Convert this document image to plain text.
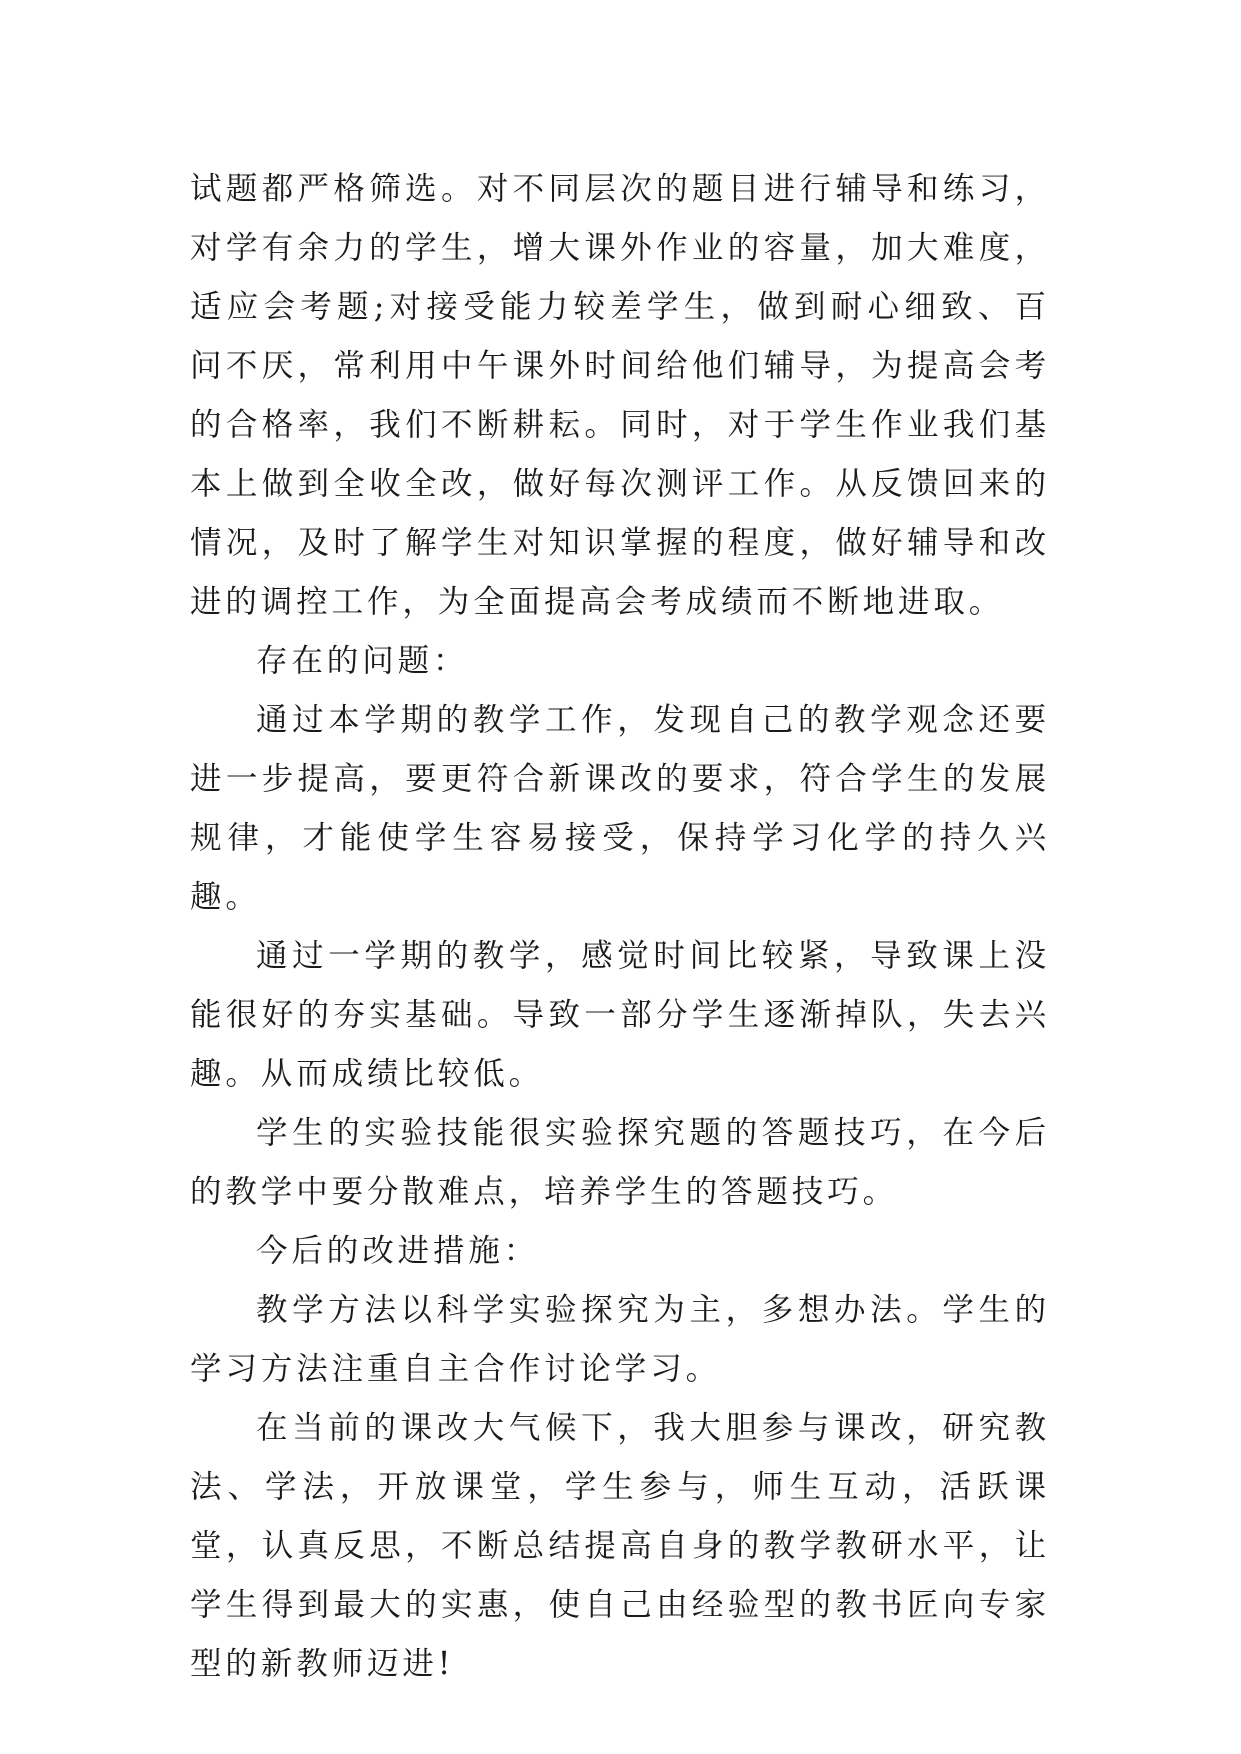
试题都严格筛选。对不同层次的题目进行辅导和练习，对学有余力的学生，增大课外作业的容量，加大难度，适应会考题;对接受能力较差学生，做到耐心细致、百问不厌，常利用中午课外时间给他们辅导，为提高会考的合格率，我们不断耕耘。同时，对于学生作业我们基本上做到全收全改，做好每次测评工作。从反馈回来的情况，及时了解学生对知识掌握的程度，做好辅导和改进的调控工作，为全面提高会考成绩而不断地进取。

存在的问题：

通过本学期的教学工作，发现自己的教学观念还要进一步提高，要更符合新课改的要求，符合学生的发展规律，才能使学生容易接受，保持学习化学的持久兴趣。

通过一学期的教学，感觉时间比较紧，导致课上没能很好的夯实基础。导致一部分学生逐渐掉队，失去兴趣。从而成绩比较低。

学生的实验技能很实验探究题的答题技巧，在今后的教学中要分散难点，培养学生的答题技巧。

今后的改进措施：

教学方法以科学实验探究为主，多想办法。学生的学习方法注重自主合作讨论学习。

在当前的课改大气候下，我大胆参与课改，研究教法、学法，开放课堂，学生参与，师生互动，活跃课堂，认真反思，不断总结提高自身的教学教研水平，让学生得到最大的实惠，使自己由经验型的教书匠向专家型的新教师迈进!
